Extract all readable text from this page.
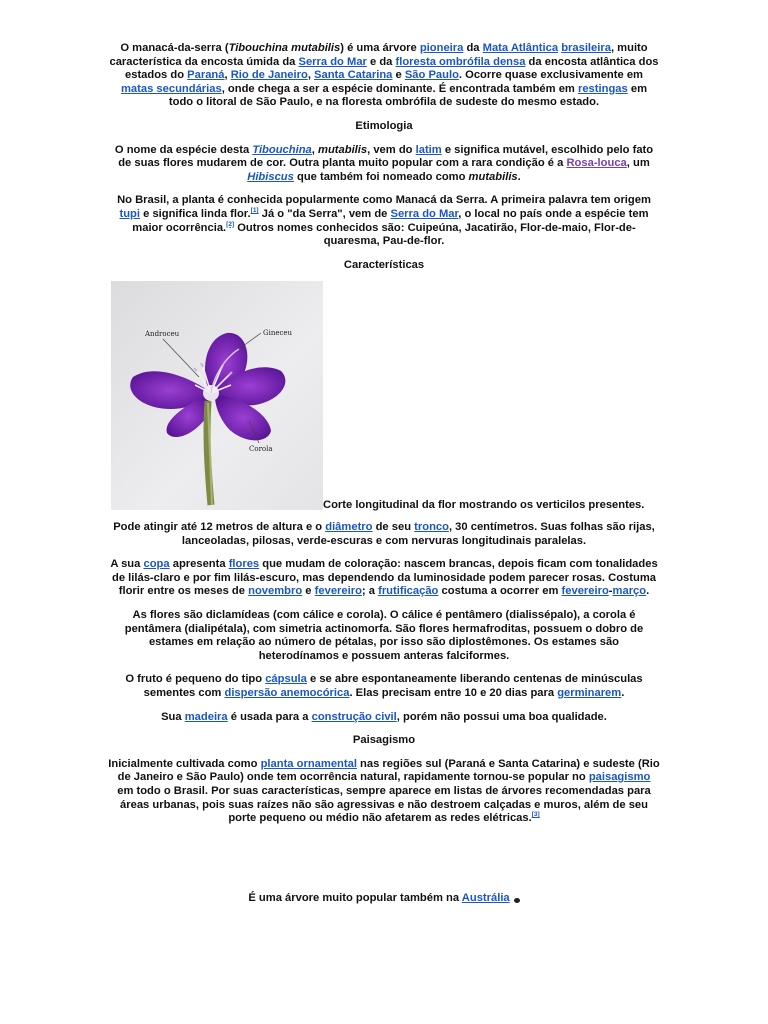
O manacá-da-serra (Tibouchina mutabilis) é uma árvore pioneira da Mata Atlântica brasileira, muito característica da encosta úmida da Serra do Mar e da floresta ombrófila densa da encosta atlântica dos estados do Paraná, Rio de Janeiro, Santa Catarina e São Paulo. Ocorre quase exclusivamente em matas secundárias, onde chega a ser a espécie dominante. É encontrada também em restingas em todo o litoral de São Paulo, e na floresta ombrófila de sudeste do mesmo estado.

Etimologia

O nome da espécie desta Tibouchina, mutabilis, vem do latim e significa mutável, escolhido pelo fato de suas flores mudarem de cor. Outra planta muito popular com a rara condição é a Rosa-louca, um Hibiscus que também foi nomeado como mutabilis.

No Brasil, a planta é conhecida popularmente como Manacá da Serra. A primeira palavra tem origem tupi e significa linda flor.[1] Já o "da Serra", vem de Serra do Mar, o local no país onde a espécie tem maior ocorrência.[2] Outros nomes conhecidos são: Cuipeúna, Jacatirão, Flor-de-maio, Flor-de-quaresma, Pau-de-flor.

Características

Androceu	Gineceu
Corola
Corte longitudinal da flor mostrando os verticilos presentes.

Pode atingir até 12 metros de altura e o diâmetro de seu tronco, 30 centímetros. Suas folhas são rijas, lanceoladas, pilosas, verde-escuras e com nervuras longitudinais paralelas.

A sua copa apresenta flores que mudam de coloração: nascem brancas, depois ficam com tonalidades de lilás-claro e por fim lilás-escuro, mas dependendo da luminosidade podem parecer rosas. Costuma florir entre os meses de novembro e fevereiro; a frutificação costuma a ocorrer em fevereiro-março.

As flores são diclamídeas (com cálice e corola). O cálice é pentâmero (dialissépalo), a corola é pentâmera (dialipétala), com simetria actinomorfa. São flores hermafroditas, possuem o dobro de estames em relação ao número de pétalas, por isso são diplostêmones. Os estames são heterodínamos e possuem anteras falciformes.

O fruto é pequeno do tipo cápsula e se abre espontaneamente liberando centenas de minúsculas sementes com dispersão anemocórica. Elas precisam entre 10 e 20 dias para germinarem.

Sua madeira é usada para a construção civil, porém não possui uma boa qualidade.

Paisagismo

Inicialmente cultivada como planta ornamental nas regiões sul (Paraná e Santa Catarina) e sudeste (Rio de Janeiro e São Paulo) onde tem ocorrência natural, rapidamente tornou-se popular no paisagismo em todo o Brasil. Por suas características, sempre aparece em listas de árvores recomendadas para áreas urbanas, pois suas raízes não são agressivas e não destroem calçadas e muros, além de seu porte pequeno ou médio não afetarem as redes elétricas.[3]

É uma árvore muito popular também na Austrália
